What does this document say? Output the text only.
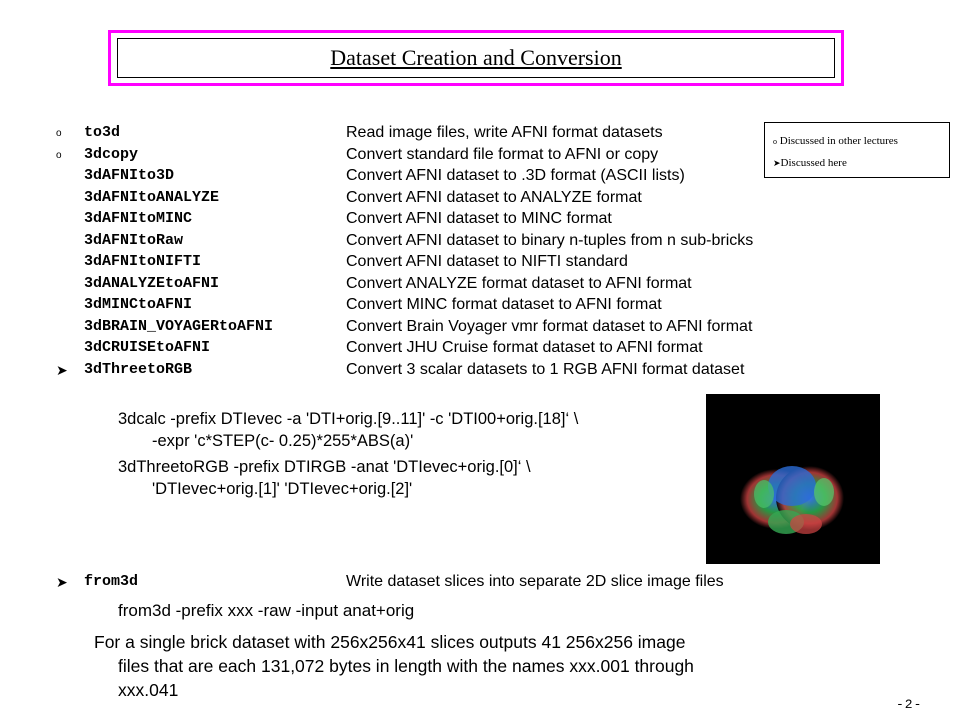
Dataset Creation and Conversion
o	to3d	Read image files, write AFNI format datasets
o	3dcopy	Convert standard file format to AFNI or copy
3dAFNIto3D	Convert AFNI dataset to .3D format (ASCII lists)
3dAFNItoANALYZE	Convert AFNI dataset to ANALYZE format
3dAFNItoMINC	Convert AFNI dataset to MINC format
3dAFNItoRaw	Convert AFNI dataset to binary n-tuples from n sub-bricks
3dAFNItoNIFTI	Convert AFNI dataset to NIFTI standard
3dANALYZEtoAFNI	Convert ANALYZE format dataset to AFNI format
3dMINCtoAFNI	Convert MINC format dataset to AFNI format
3dBRAIN_VOYAGERtoAFNI	Convert Brain Voyager vmr format dataset to AFNI format
3dCRUISEtoAFNI	Convert JHU Cruise format dataset to AFNI format
➤	3dThreetoRGB	Convert 3 scalar datasets to 1 RGB AFNI format dataset
o Discussed in other lectures
➤Discussed here
3dcalc -prefix DTIevec -a 'DTI+orig.[9..11]' -c 'DTI00+orig.[18]‘ \
-expr 'c*STEP(c- 0.25)*255*ABS(a)'
3dThreetoRGB -prefix DTIRGB -anat 'DTIevec+orig.[0]‘ \
'DTIevec+orig.[1]' 'DTIevec+orig.[2]'
➤	from3d	Write dataset slices into separate 2D slice image files
from3d -prefix xxx -raw -input anat+orig
For a single brick dataset with 256x256x41 slices outputs 41 256x256 image
files that are each 131,072 bytes in length with the names xxx.001 through
xxx.041
-2-
